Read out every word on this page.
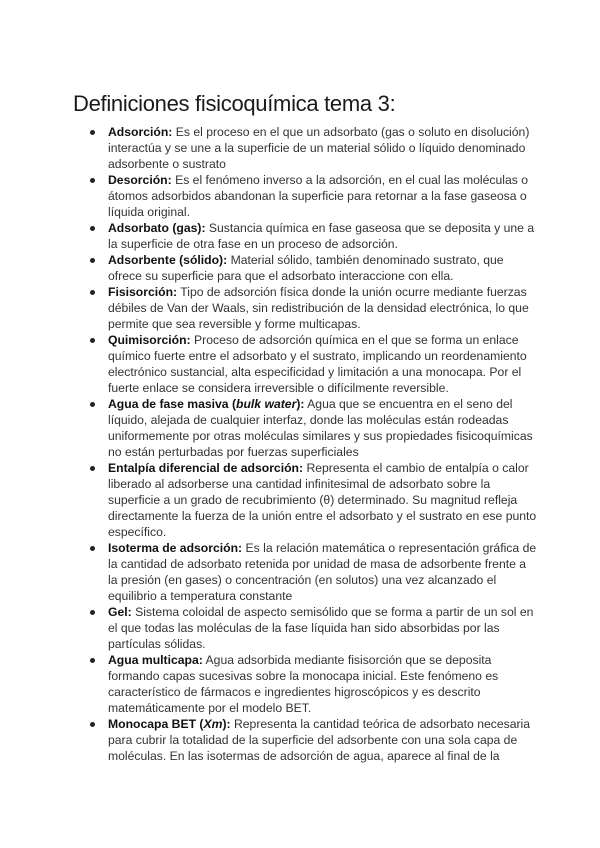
Definiciones fisicoquímica tema 3:
Adsorción: Es el proceso en el que un adsorbato (gas o soluto en disolución) interactúa y se une a la superficie de un material sólido o líquido denominado adsorbente o sustrato
Desorción: Es el fenómeno inverso a la adsorción, en el cual las moléculas o átomos adsorbidos abandonan la superficie para retornar a la fase gaseosa o líquida original.
Adsorbato (gas): Sustancia química en fase gaseosa que se deposita y une a la superficie de otra fase en un proceso de adsorción.
Adsorbente (sólido): Material sólido, también denominado sustrato, que ofrece su superficie para que el adsorbato interaccione con ella.
Fisisorción: Tipo de adsorción física donde la unión ocurre mediante fuerzas débiles de Van der Waals, sin redistribución de la densidad electrónica, lo que permite que sea reversible y forme multicapas.
Quimisorción: Proceso de adsorción química en el que se forma un enlace químico fuerte entre el adsorbato y el sustrato, implicando un reordenamiento electrónico sustancial, alta especificidad y limitación a una monocapa. Por el fuerte enlace se considera irreversible o difícilmente reversible.
Agua de fase masiva (bulk water): Agua que se encuentra en el seno del líquido, alejada de cualquier interfaz, donde las moléculas están rodeadas uniformemente por otras moléculas similares y sus propiedades fisicoquímicas no están perturbadas por fuerzas superficiales
Entalpía diferencial de adsorción: Representa el cambio de entalpía o calor liberado al adsorberse una cantidad infinitesimal de adsorbato sobre la superficie a un grado de recubrimiento (θ) determinado. Su magnitud refleja directamente la fuerza de la unión entre el adsorbato y el sustrato en ese punto específico.
Isoterma de adsorción: Es la relación matemática o representación gráfica de la cantidad de adsorbato retenida por unidad de masa de adsorbente frente a la presión (en gases) o concentración (en solutos) una vez alcanzado el equilibrio a temperatura constante
Gel: Sistema coloidal de aspecto semisólido que se forma a partir de un sol en el que todas las moléculas de la fase líquida han sido absorbidas por las partículas sólidas.
Agua multicapa: Agua adsorbida mediante fisisorción que se deposita formando capas sucesivas sobre la monocapa inicial. Este fenómeno es característico de fármacos e ingredientes higroscópicos y es descrito matemáticamente por el modelo BET.
Monocapa BET (Xm): Representa la cantidad teórica de adsorbato necesaria para cubrir la totalidad de la superficie del adsorbente con una sola capa de moléculas. En las isotermas de adsorción de agua, aparece al final de la
